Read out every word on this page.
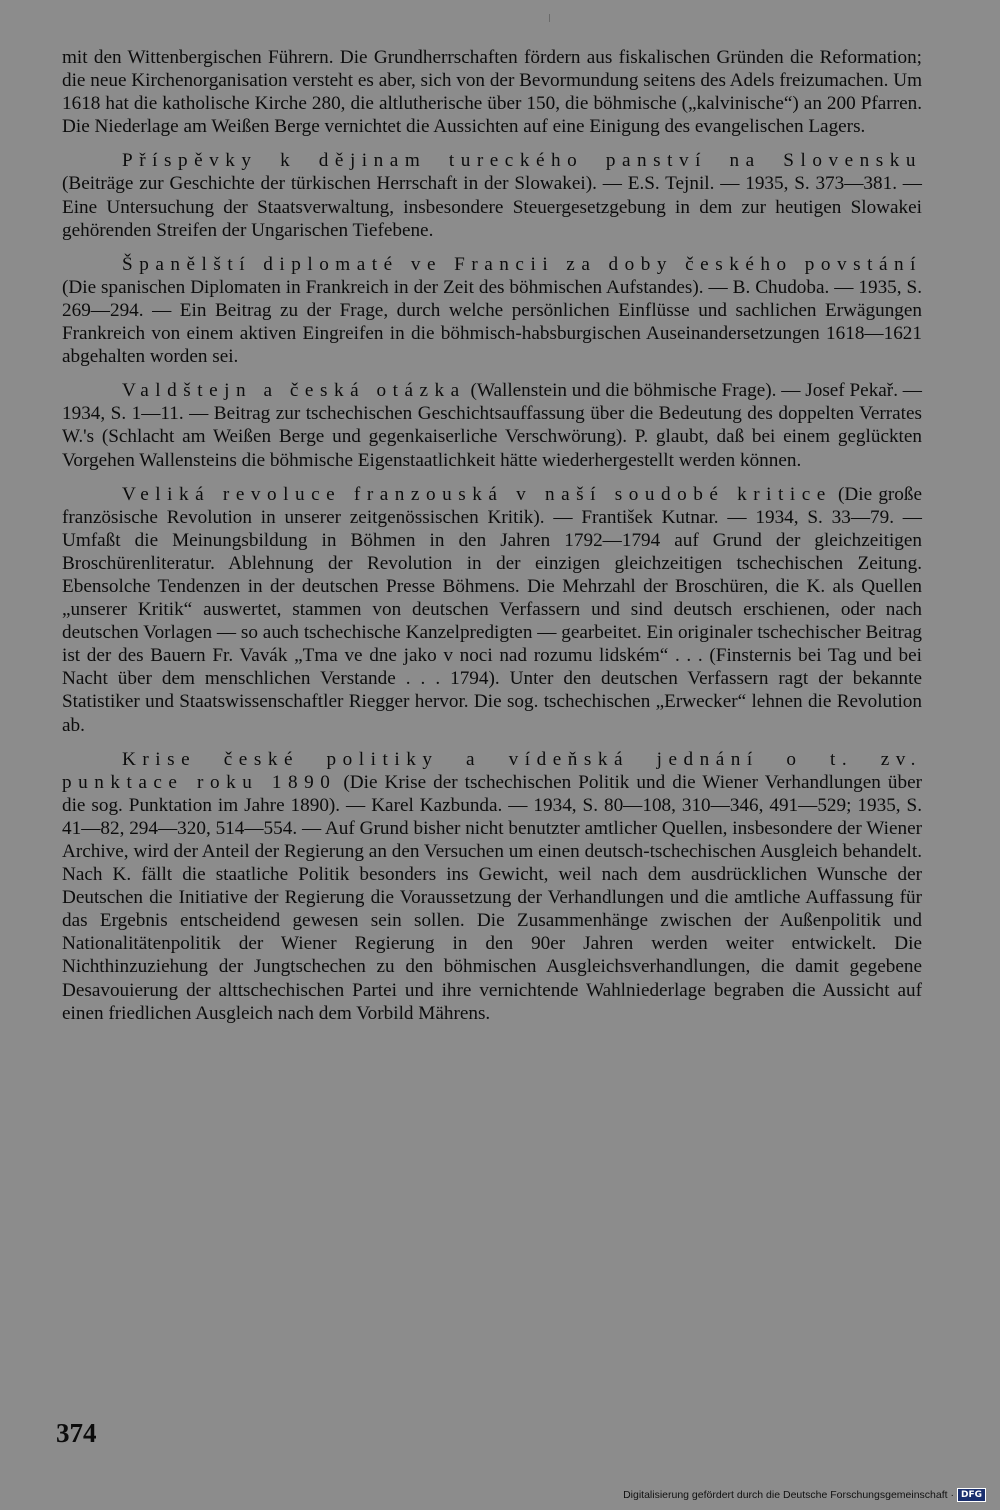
mit den Wittenbergischen Führern. Die Grundherrschaften fördern aus fiskalischen Gründen die Reformation; die neue Kirchenorganisation versteht es aber, sich von der Bevormundung seitens des Adels freizumachen. Um 1618 hat die katholische Kirche 280, die altlutherische über 150, die böhmische („kalvinische“) an 200 Pfarren. Die Niederlage am Weißen Berge vernichtet die Aussichten auf eine Einigung des evangelischen Lagers.

Příspěvky k dějinam tureckého panství na Slovensku (Beiträge zur Geschichte der türkischen Herrschaft in der Slowakei). — E.S. Tejnil. — 1935, S. 373—381. — Eine Untersuchung der Staatsverwaltung, insbesondere Steuergesetzgebung in dem zur heutigen Slowakei gehörenden Streifen der Ungarischen Tiefebene.

Španělští diplomaté ve Francii za doby českého povstání (Die spanischen Diplomaten in Frankreich in der Zeit des böhmischen Aufstandes). — B. Chudoba. — 1935, S. 269—294. — Ein Beitrag zu der Frage, durch welche persönlichen Einflüsse und sachlichen Erwägungen Frankreich von einem aktiven Eingreifen in die böhmisch-habsburgischen Auseinandersetzungen 1618—1621 abgehalten worden sei.

Valdštejn a česká otázka (Wallenstein und die böhmische Frage). — Josef Pekař. — 1934, S. 1—11. — Beitrag zur tschechischen Geschichtsauffassung über die Bedeutung des doppelten Verrates W.'s (Schlacht am Weißen Berge und gegenkaiserliche Verschwörung). P. glaubt, daß bei einem geglückten Vorgehen Wallensteins die böhmische Eigenstaatlichkeit hätte wiederhergestellt werden können.

Veliká revoluce franzouská v naší soudobé kritice (Die große französische Revolution in unserer zeitgenössischen Kritik). — František Kutnar. — 1934, S. 33—79. — Umfaßt die Meinungsbildung in Böhmen in den Jahren 1792—1794 auf Grund der gleichzeitigen Broschürenliteratur. Ablehnung der Revolution in der einzigen gleichzeitigen tschechischen Zeitung. Ebensolche Tendenzen in der deutschen Presse Böhmens. Die Mehrzahl der Broschüren, die K. als Quellen „unserer Kritik“ auswertet, stammen von deutschen Verfassern und sind deutsch erschienen, oder nach deutschen Vorlagen — so auch tschechische Kanzelpredigten — gearbeitet. Ein originaler tschechischer Beitrag ist der des Bauern Fr. Vavák „Tma ve dne jako v noci nad rozumu lidském“ . . . (Finsternis bei Tag und bei Nacht über dem menschlichen Verstande . . . 1794). Unter den deutschen Verfassern ragt der bekannte Statistiker und Staatswissenschaftler Riegger hervor. Die sog. tschechischen „Erwecker“ lehnen die Revolution ab.

Krise české politiky a vídeňská jednání o t. zv. punktace roku 1890 (Die Krise der tschechischen Politik und die Wiener Verhandlungen über die sog. Punktation im Jahre 1890). — Karel Kazbunda. — 1934, S. 80—108, 310—346, 491—529; 1935, S. 41—82, 294—320, 514—554. — Auf Grund bisher nicht benutzter amtlicher Quellen, insbesondere der Wiener Archive, wird der Anteil der Regierung an den Versuchen um einen deutsch-tschechischen Ausgleich behandelt. Nach K. fällt die staatliche Politik besonders ins Gewicht, weil nach dem ausdrücklichen Wunsche der Deutschen die Initiative der Regierung die Voraussetzung der Verhandlungen und die amtliche Auffassung für das Ergebnis entscheidend gewesen sein sollen. Die Zusammenhänge zwischen der Außenpolitik und Nationalitätenpolitik der Wiener Regierung in den 90er Jahren werden weiter entwickelt. Die Nichthinzuziehung der Jungtschechen zu den böhmischen Ausgleichsverhandlungen, die damit gegebene Desavouierung der alttschechischen Partei und ihre vernichtende Wahlniederlage begraben die Aussicht auf einen friedlichen Ausgleich nach dem Vorbild Mährens.

374
Digitalisierung gefördert durch die Deutsche Forschungsgemeinschaft · DFG
